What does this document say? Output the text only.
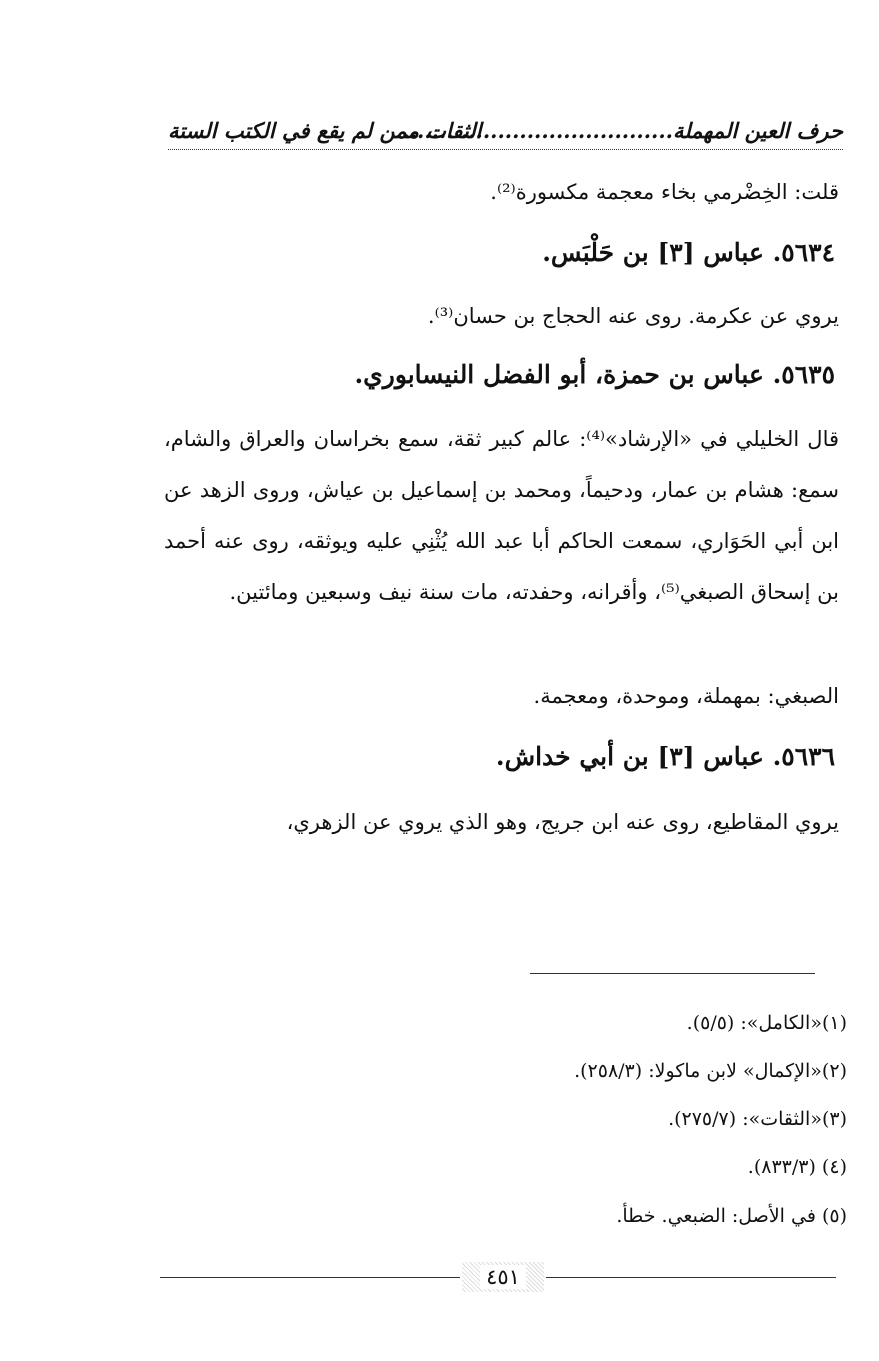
حرف العين المهملة......................................
الثقات ممن لم يقع في الكتب الستة
قلت: الخِضْرمي بخاء معجمة مكسورة⁽²⁾.
٥٦٣٤. عباس [٣] بن حَلْبَس.
يروي عن عكرمة. روى عنه الحجاج بن حسان⁽³⁾.
٥٦٣٥. عباس بن حمزة، أبو الفضل النيسابوري.
قال الخليلي في «الإرشاد»⁽⁴⁾: عالم كبير ثقة، سمع بخراسان والعراق والشام، سمع: هشام بن عمار، ودحيماً، ومحمد بن إسماعيل بن عياش، وروى الزهد عن ابن أبي الحَوَاري، سمعت الحاكم أبا عبد الله يُثْنِي عليه ويوثقه، روى عنه أحمد بن إسحاق الصبغي⁽⁵⁾، وأقرانه، وحفدته، مات سنة نيف وسبعين ومائتين.
الصبغي: بمهملة، وموحدة، ومعجمة.
٥٦٣٦. عباس [٣] بن أبي خداش.
يروي المقاطيع، روى عنه ابن جريج، وهو الذي يروي عن الزهري،
(١)«الكامل»: (٥/٥).
(٢)«الإكمال» لابن ماكولا: (٢٥٨/٣).
(٣)«الثقات»: (٢٧٥/٧).
(٤) (٨٣٣/٣).
(٥) في الأصل: الضبعي. خطأ.
٤٥١
